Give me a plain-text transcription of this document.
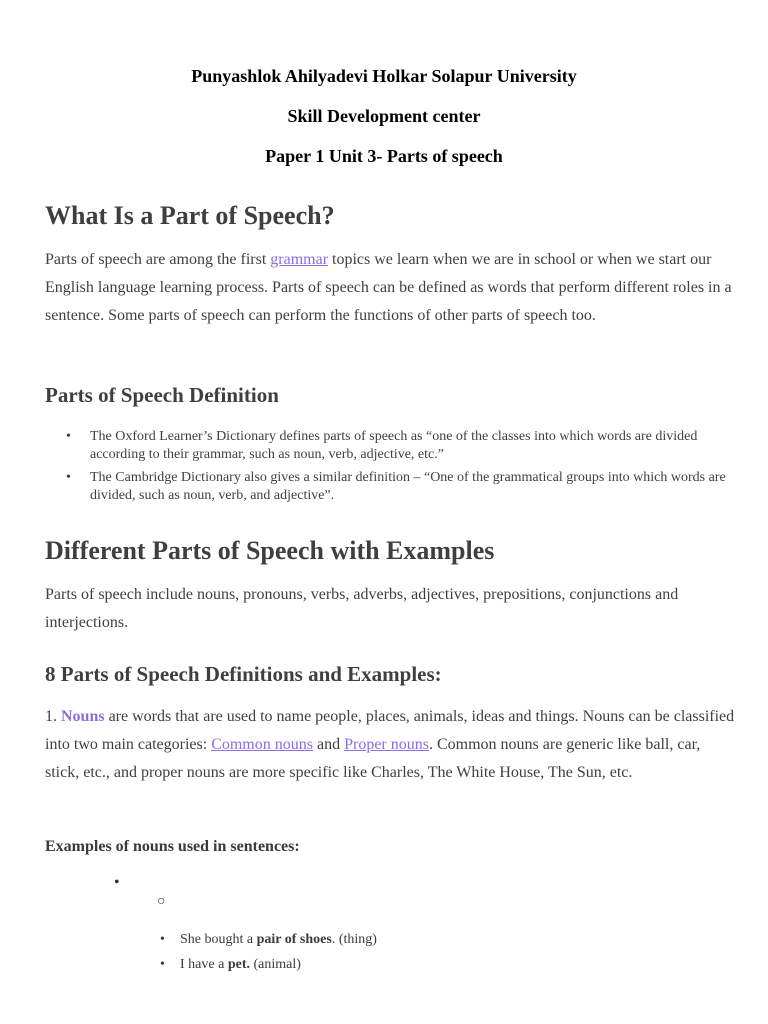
Punyashlok Ahilyadevi Holkar Solapur University

Skill Development center

Paper 1 Unit 3- Parts of speech

What Is a Part of Speech?

Parts of speech are among the first grammar topics we learn when we are in school or when we start our English language learning process. Parts of speech can be defined as words that perform different roles in a sentence. Some parts of speech can perform the functions of other parts of speech too.

Parts of Speech Definition
• The Oxford Learner’s Dictionary defines parts of speech as “one of the classes into which words are divided according to their grammar, such as noun, verb, adjective, etc.”
• The Cambridge Dictionary also gives a similar definition – “One of the grammatical groups into which words are divided, such as noun, verb, and adjective”.
Different Parts of Speech with Examples

Parts of speech include nouns, pronouns, verbs, adverbs, adjectives, prepositions, conjunctions and interjections.

8 Parts of Speech Definitions and Examples:

1. Nouns are words that are used to name people, places, animals, ideas and things. Nouns can be classified into two main categories: Common nouns and Proper nouns. Common nouns are generic like ball, car, stick, etc., and proper nouns are more specific like Charles, The White House, The Sun, etc.

Examples of nouns used in sentences:

•

○

• She bought a pair of shoes. (thing)
• I have a pet. (animal)
